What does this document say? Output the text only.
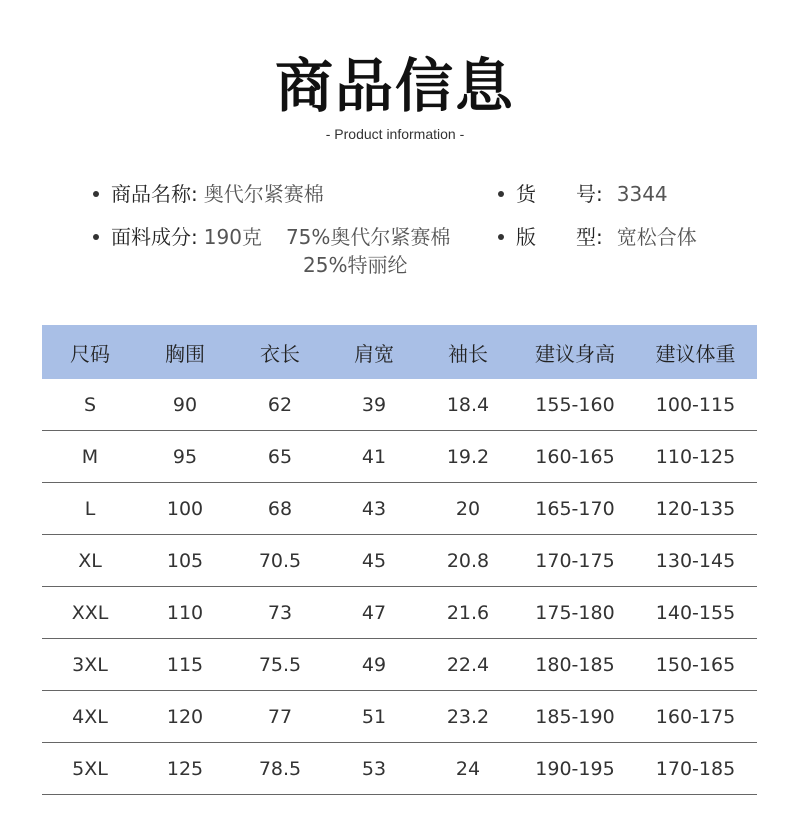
商品信息
- Product information -
商品名称: 奥代尔紧赛棉	货　　号: 3344
面料成分: 190克 75%奥代尔紧赛棉
25%特丽纶
版　　型: 宽松合体
尺码	胸围	衣长	肩宽	袖长	建议身高	建议体重
S	90	62	39	18.4	155-160	100-115
M	95	65	41	19.2	160-165	110-125
L	100	68	43	20	165-170	120-135
XL	105	70.5	45	20.8	170-175	130-145
XXL	110	73	47	21.6	175-180	140-155
3XL	115	75.5	49	22.4	180-185	150-165
4XL	120	77	51	23.2	185-190	160-175
5XL	125	78.5	53	24	190-195	170-185
